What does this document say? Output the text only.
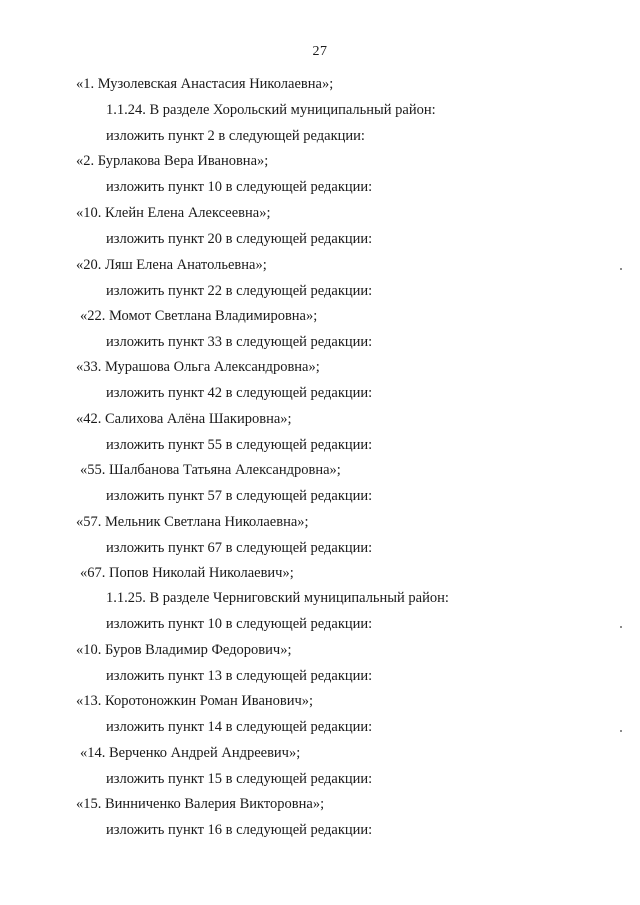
27
«1. Музолевская Анастасия Николаевна»;
1.1.24. В разделе Хорольский муниципальный район:
изложить пункт 2 в следующей редакции:
«2. Бурлакова Вера Ивановна»;
изложить пункт 10 в следующей редакции:
«10. Клейн Елена Алексеевна»;
изложить пункт 20 в следующей редакции:
«20. Ляш Елена Анатольевна»;
изложить пункт 22 в следующей редакции:
«22. Момот Светлана Владимировна»;
изложить пункт 33 в следующей редакции:
«33. Мурашова Ольга Александровна»;
изложить пункт 42 в следующей редакции:
«42. Салихова Алёна Шакировна»;
изложить пункт 55 в следующей редакции:
«55. Шалбанова Татьяна Александровна»;
изложить пункт 57 в следующей редакции:
«57. Мельник Светлана Николаевна»;
изложить пункт 67 в следующей редакции:
«67. Попов Николай Николаевич»;
1.1.25. В разделе Черниговский муниципальный район:
изложить пункт 10 в следующей редакции:
«10. Буров Владимир Федорович»;
изложить пункт 13 в следующей редакции:
«13. Коротоножкин Роман Иванович»;
изложить пункт 14 в следующей редакции:
«14. Верченко Андрей Андреевич»;
изложить пункт 15 в следующей редакции:
«15. Винниченко Валерия Викторовна»;
изложить пункт 16 в следующей редакции:
